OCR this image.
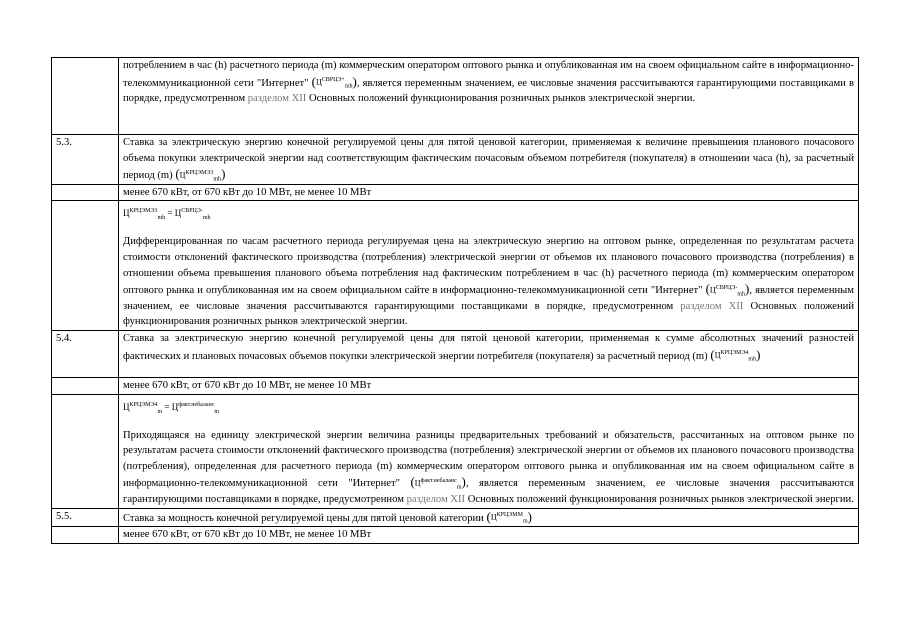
	потреблением в час (h) расчетного периода (m) коммерческим оператором оптового рынка и опубликованная им на своем официальном сайте в информационно-телекоммуникационной сети "Интернет" $(Ц^{СВРЦЭ+}_{mh})$, является переменным значением, ее числовые значения рассчитываются гарантирующими поставщиками в порядке, предусмотренном разделом XII Основных положений функционирования розничных рынков электрической энергии.
5.3.	Ставка за электрическую энергию конечной регулируемой цены для пятой ценовой категории, применяемая к величине превышения планового почасового объема покупки электрической энергии над соответствующим фактическим почасовым объемом потребителя (покупателя) в отношении часа (h), за расчетный период (m) $(Ц^{КРЦЭМЭ3}_{mh})$
	менее 670 кВт, от 670 кВт до 10 МВт, не менее 10 МВт

	$Ц^{КРЦЭМЭ3}_{mh} = Ц^{СВРЦЭ-}_{mh}$
Дифференцированная по часам расчетного периода регулируемая цена на электрическую энергию на оптовом рынке, определенная по результатам расчета стоимости отклонений фактического производства (потребления) электрической энергии от объемов их планового почасового производства (потребления) в отношении объема превышения планового объема потребления над фактическим потреблением в час (h) расчетного периода (m) коммерческим оператором оптового рынка и опубликованная им на своем официальном сайте в информационно-телекоммуникационной сети "Интернет" $(Ц^{СВРЦЭ-}_{mh})$, является переменным значением, ее числовые значения рассчитываются гарантирующими поставщиками в порядке, предусмотренном разделом XII Основных положений функционирования розничных рынков электрической энергии.
5.4.	Ставка за электрическую энергию конечной регулируемой цены для пятой ценовой категории, применяемая к сумме абсолютных значений разностей фактических и плановых почасовых объемов покупки электрической энергии потребителя (покупателя) за расчетный период (m) $(Ц^{КРЦЭМЭ4}_{mh})$
	менее 670 кВт, от 670 кВт до 10 МВт, не менее 10 МВт

	$Ц^{КРЦЭМЭ4}_m = Ц^{факт.небаланс}_m$
Приходящаяся на единицу электрической энергии величина разницы предварительных требований и обязательств, рассчитанных на оптовом рынке по результатам расчета стоимости отклонений фактического производства (потребления) электрической энергии от объемов их планового почасового производства (потребления), определенная для расчетного периода (m) коммерческим оператором оптового рынка и опубликованная им на своем официальном сайте в информационно-телекоммуникационной сети "Интернет" $(Ц^{факт.небаланс}_m)$, является переменным значением, ее числовые значения рассчитываются гарантирующими поставщиками в порядке, предусмотренном разделом XII Основных положений функционирования розничных рынков электрической энергии.
5.5.	Ставка за мощность конечной регулируемой цены для пятой ценовой категории $(Ц^{КРЦЭММ}_m)$
	менее 670 кВт, от 670 кВт до 10 МВт, не менее 10 МВт
